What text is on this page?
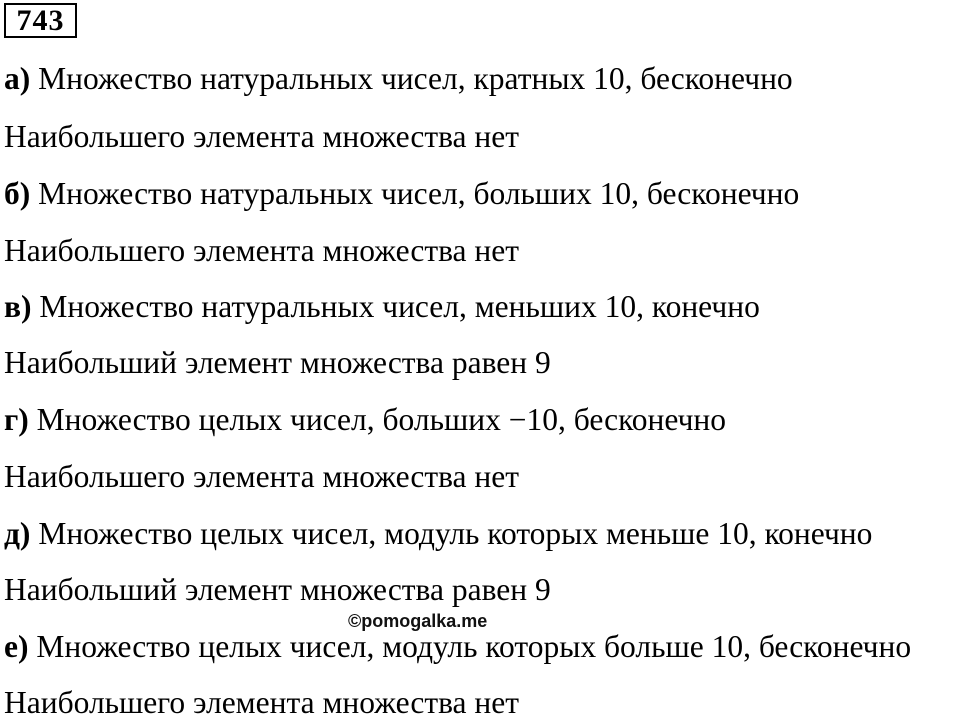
743
а) Множество натуральных чисел, кратных 10, бесконечно
Наибольшего элемента множества нет
б) Множество натуральных чисел, больших 10, бесконечно
Наибольшего элемента множества нет
в) Множество натуральных чисел, меньших 10, конечно
Наибольший элемент множества равен 9
г) Множество целых чисел, больших −10, бесконечно
Наибольшего элемента множества нет
д) Множество целых чисел, модуль которых меньше 10, конечно
Наибольший элемент множества равен 9
©pomogalka.me
е) Множество целых чисел, модуль которых больше 10, бесконечно
Наибольшего элемента множества нет
